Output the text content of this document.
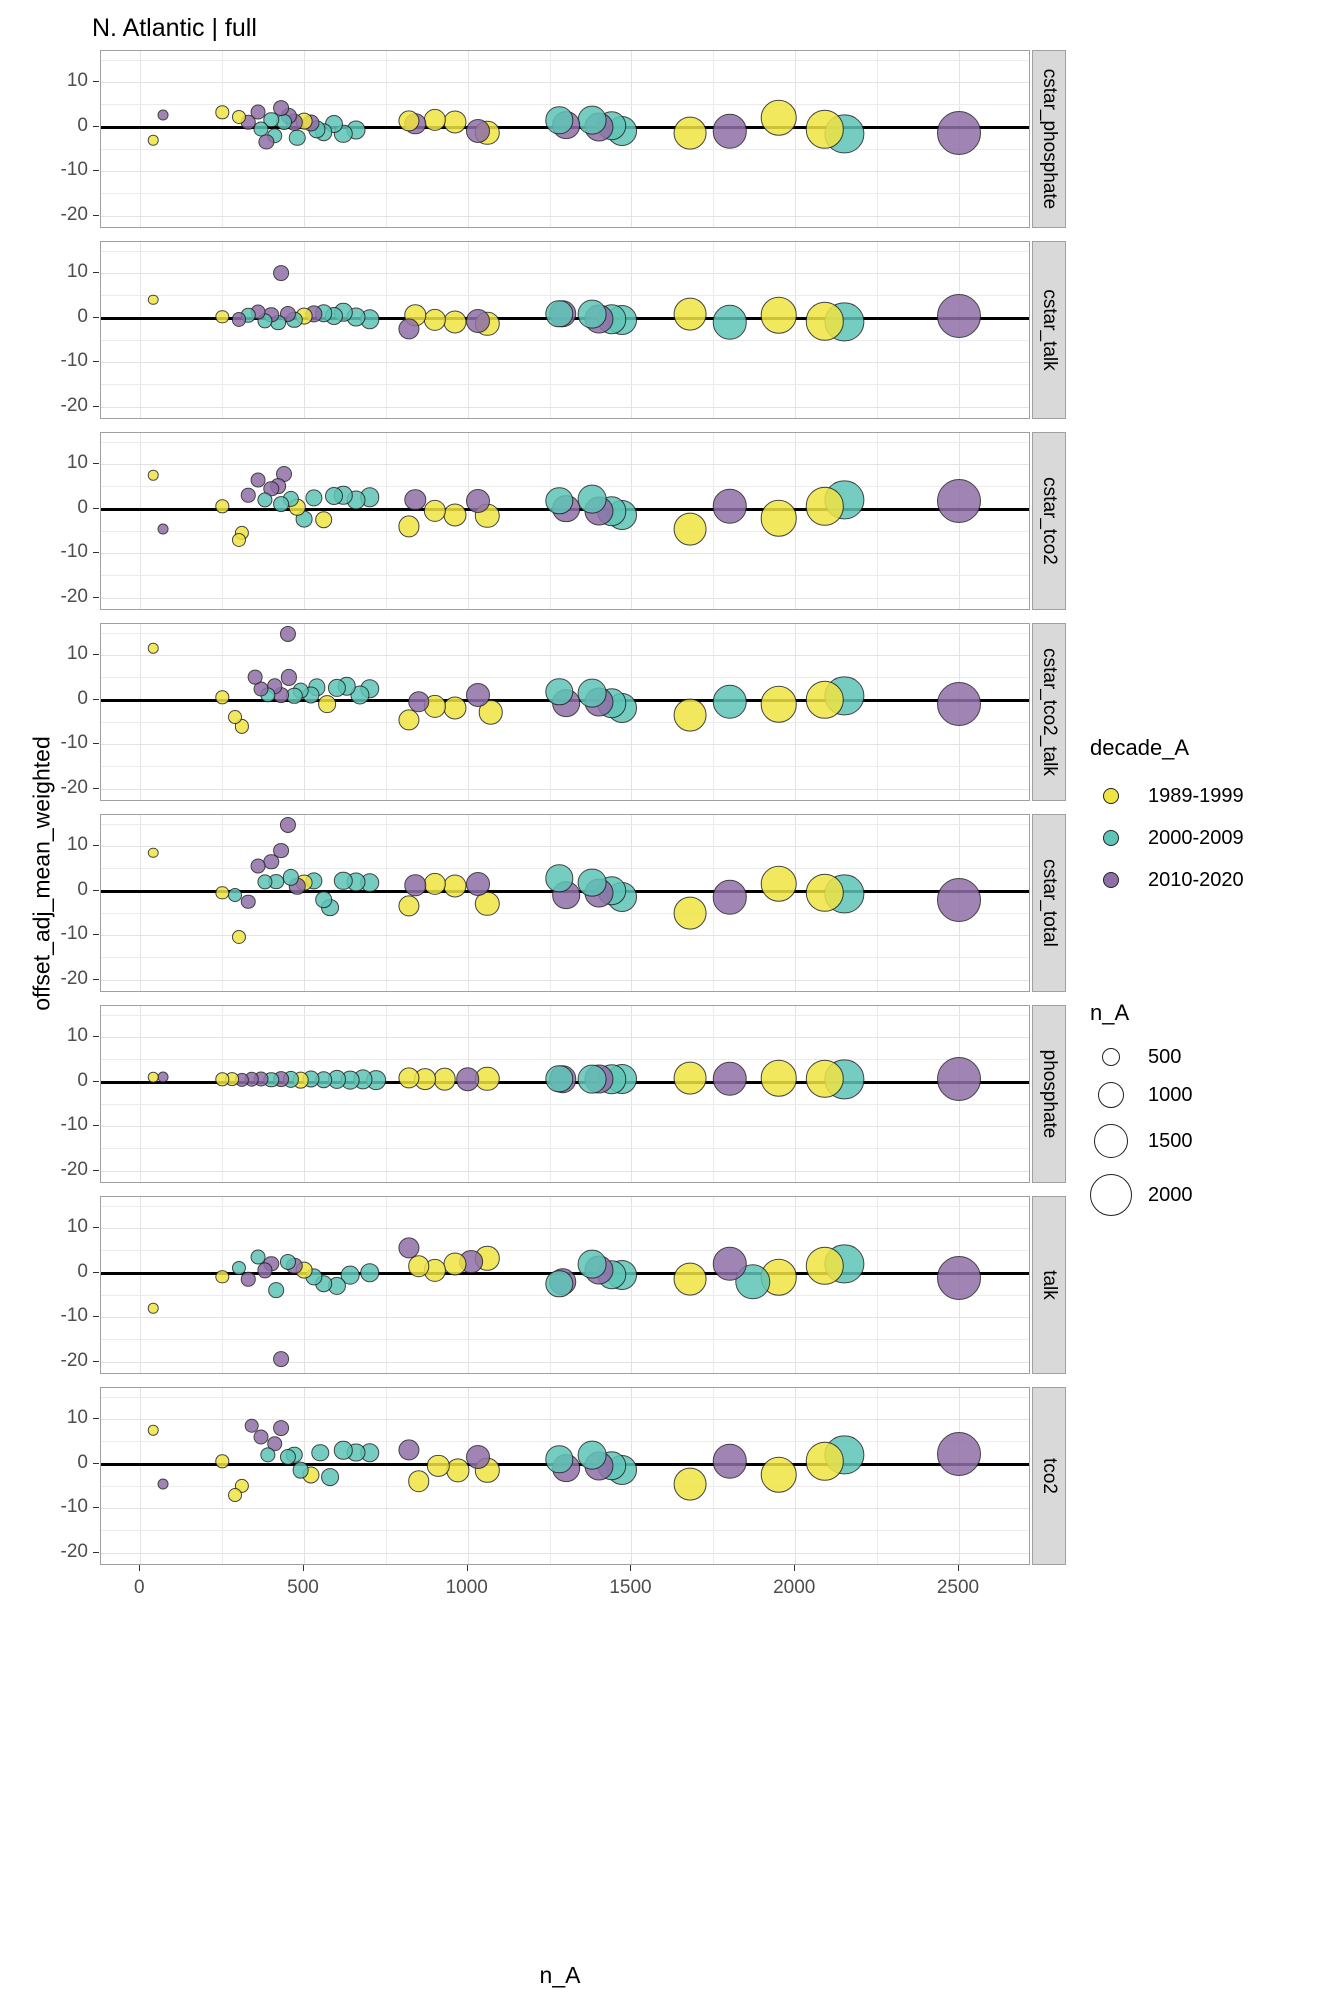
N. Atlantic | full
offset_adj_mean_weighted
n_A
cstar_phosphate
cstar_talk
cstar_tco2
cstar_tco2_talk
cstar_total
phosphate
talk
tco2
10
0
-10
-20
10
0
-10
-20
10
0
-10
-20
10
0
-10
-20
10
0
-10
-20
10
0
-10
-20
10
0
-10
-20
10
0
-10
-20
0	500	1000	1500	2000	2500
decade_A
1989-1999
2000-2009
2010-2020
n_A
500
1000
1500
2000
